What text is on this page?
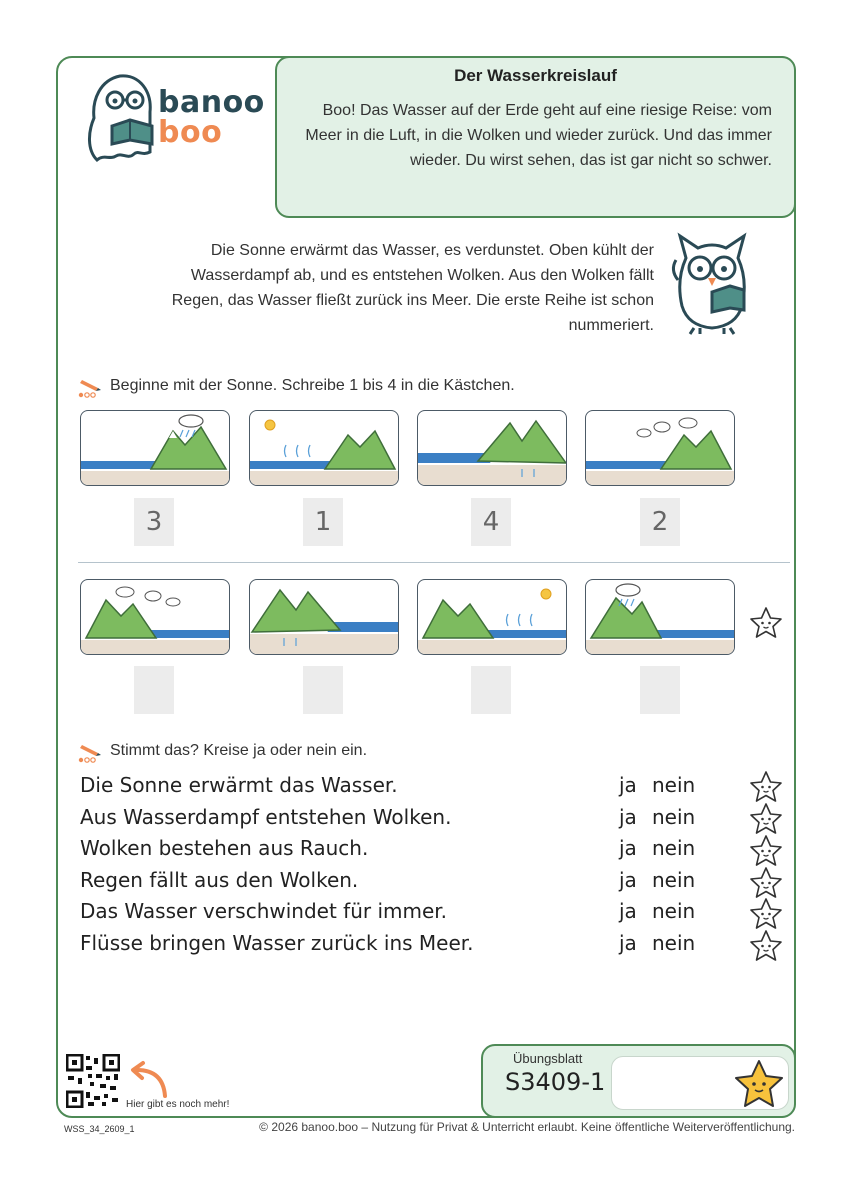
banoo
boo
Der Wasserkreislauf
Boo! Das Wasser auf der Erde geht auf eine riesige Reise: vom Meer in die Luft, in die Wolken und wieder zurück. Und das immer wieder. Du wirst sehen, das ist gar nicht so schwer.
Die Sonne erwärmt das Wasser, es verdunstet. Oben kühlt der Wasserdampf ab, und es entstehen Wolken. Aus den Wolken fällt Regen, das Wasser fließt zurück ins Meer. Die erste Reihe ist schon nummeriert.
Beginne mit der Sonne. Schreibe 1 bis 4 in die Kästchen.
3	1	4	2
Stimmt das? Kreise ja oder nein ein.
Die Sonne erwärmt das Wasser.	ja nein
Aus Wasserdampf entstehen Wolken.	ja nein
Wolken bestehen aus Rauch.	ja nein
Regen fällt aus den Wolken.	ja nein
Das Wasser verschwindet für immer.	ja nein
Flüsse bringen Wasser zurück ins Meer.	ja nein
Hier gibt es noch mehr!
Übungsblatt
S3409-1
WSS_34_2609_1	© 2026 banoo.boo – Nutzung für Privat & Unterricht erlaubt. Keine öffentliche Weiterveröffentlichung.
